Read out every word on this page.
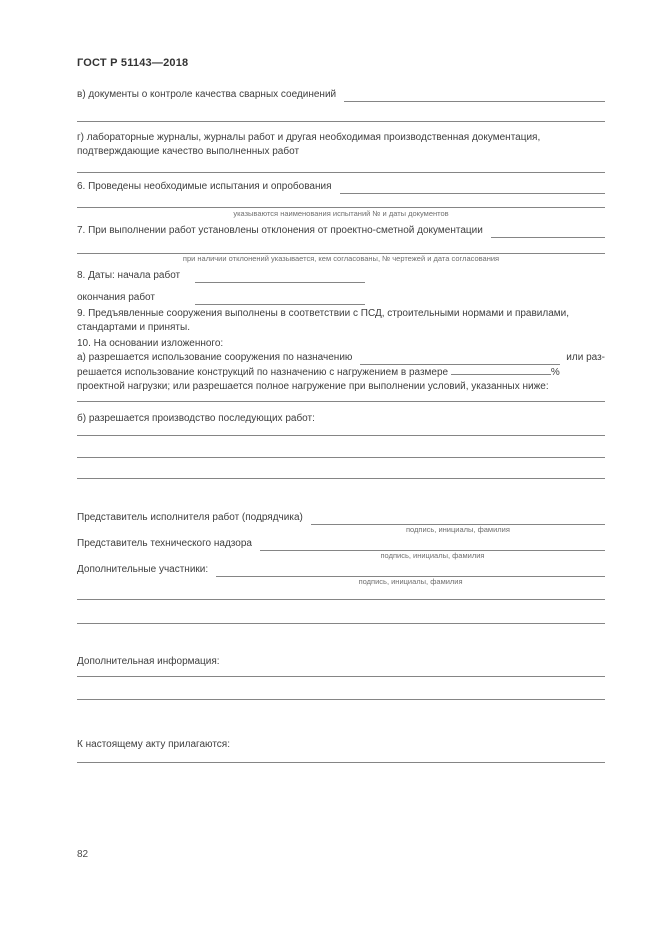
ГОСТ Р 51143—2018
в) документы о контроле качества сварных соединений
г) лабораторные журналы, журналы работ и другая необходимая производственная документация, подтверждающие качество выполненных работ
6. Проведены необходимые испытания и опробования
указываются наименования испытаний № и даты документов
7. При выполнении работ установлены отклонения от проектно-сметной документации
при наличии отклонений указывается, кем согласованы, № чертежей и дата согласования
8. Даты: начала работ
окончания работ
9. Предъявленные сооружения выполнены в соответствии с ПСД, строительными нормами и правилами, стандартами и приняты.
10. На основании изложенного:
а) разрешается использование сооружения по назначению	или раз-
решается использование конструкций по назначению с нагружением в размере	% проектной нагрузки; или разрешается полное нагружение при выполнении условий, указанных ниже:
б) разрешается производство последующих работ:
Представитель исполнителя работ (подрядчика)
подпись, инициалы, фамилия
Представитель технического надзора
подпись, инициалы, фамилия
Дополнительные участники:
подпись, инициалы, фамилия
Дополнительная информация:
К настоящему акту прилагаются:
82
